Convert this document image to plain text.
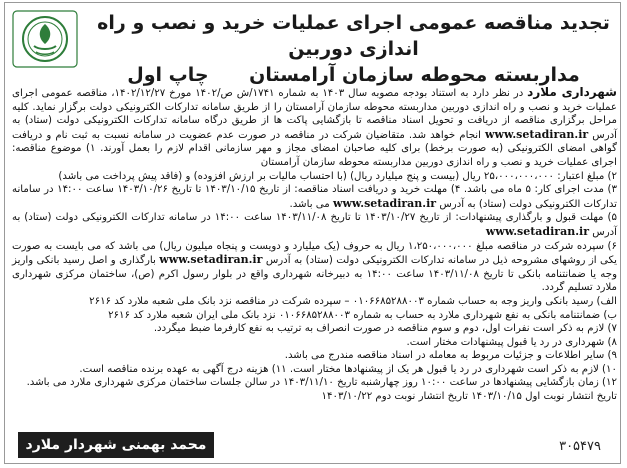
تجدید مناقصه عمومی اجرای عملیات خرید و نصب و راه اندازی دوربین
مداربسته محوطه سازمان آرامستان چاپ اول

شهرداری ملارد در نظر دارد به استناد بودجه مصوبه سال ۱۴۰۳ به شماره ۱۷۴۱/ش ص/۱۴۰۲ مورخ ۱۴۰۲/۱۲/۲۷، مناقصه عمومی اجرای عملیات خرید و نصب و راه اندازی دوربین مداربسته محوطه سازمان آرامستان را از طریق سامانه تدارکات الکترونیکی دولت برگزار نماید. کلیه مراحل برگزاری مناقصه از دریافت و تحویل اسناد مناقصه تا بازگشایی پاکت ها از طریق درگاه سامانه تدارکات الکترونیکی دولت (ستاد) به آدرس www.setadiran.ir انجام خواهد شد. متقاضیان شرکت در مناقصه در صورت عدم عضویت در سامانه نسبت به ثبت نام و دریافت گواهی امضای الکترونیکی (به صورت برخط) برای کلیه صاحبان امضای مجاز و مهر سازمانی اقدام لازم را بعمل آورند. ۱) موضوع مناقصه: اجرای عملیات خرید و نصب و راه اندازی دوربین مداربسته محوطه سازمان آرامستان

۲) مبلغ اعتبار: ۲۵،۰۰۰،۰۰۰،۰۰۰ ریال (بیست و پنج میلیارد ریال) (با احتساب مالیات بر ارزش افزوده) و (فاقد پیش پرداخت می باشد)

۳) مدت اجرای کار: ۵ ماه می باشد. ۴) مهلت خرید و دریافت اسناد مناقصه: از تاریخ ۱۴۰۳/۱۰/۱۵ تا تاریخ ۱۴۰۳/۱۰/۲۶ ساعت ۱۴:۰۰ در سامانه تدارکات الکترونیکی دولت (ستاد) به آدرس www.setadiran.ir می باشد.

۵) مهلت قبول و بارگذاری پیشنهادات: از تاریخ ۱۴۰۳/۱۰/۲۷ تا تاریخ ۱۴۰۳/۱۱/۰۸ ساعت ۱۴:۰۰ در سامانه تدارکات الکترونیکی دولت (ستاد) به آدرس www.setadiran.ir

۶) سپرده شرکت در مناقصه مبلغ ۱،۲۵۰،۰۰۰،۰۰۰ ریال به حروف (یک میلیارد و دویست و پنجاه میلیون ریال) می باشد که می بایست به صورت یکی از روشهای مشروحه ذیل در سامانه تدارکات الکترونیکی دولت (ستاد) به آدرس www.setadiran.ir بارگذاری و اصل رسید بانکی واریز وجه یا ضمانتنامه بانکی تا تاریخ ۱۴۰۳/۱۱/۰۸ ساعت ۱۴:۰۰ به دبیرخانه شهرداری واقع در بلوار رسول اکرم (ص)، ساختمان مرکزی شهرداری ملارد تسلیم گردد.

الف) رسید بانکی واریز وجه به حساب شماره ۰۱۰۶۶۸۵۲۸۸۰۰۳ – سپرده شرکت در مناقصه نزد بانک ملی شعبه ملارد کد ۲۶۱۶

ب) ضمانتنامه بانکی به نفع شهرداری ملارد به حساب به شماره ۰۱۰۶۶۸۵۲۸۸۰۰۳ نزد بانک ملی ایران شعبه ملارد کد ۲۶۱۶

۷) لازم به ذکر است نفرات اول، دوم و سوم مناقصه در صورت انصراف به ترتیب به نفع کارفرما ضبط میگردد.

۸) شهرداری در رد یا قبول پیشنهادات مختار است.

۹) سایر اطلاعات و جزئیات مربوط به معامله در اسناد مناقصه مندرج می باشد.

۱۰) لازم به ذکر است شهرداری در رد یا قبول هر یک از پیشنهادها مختار است. ۱۱) هزینه درج آگهی به عهده برنده مناقصه است.

۱۲) زمان بازگشایی پیشنهادها در ساعت ۱۰:۰۰ روز چهارشنبه تاریخ ۱۴۰۳/۱۱/۱۰ در سالن جلسات ساختمان مرکزی شهرداری ملارد می باشد.

تاریخ انتشار نوبت اول ۱۴۰۳/۱۰/۱۵ تاریخ انتشار نوبت دوم ۱۴۰۳/۱۰/۲۲

محمد بهمنی شهردار ملارد	۳۰۵۴۷۹
